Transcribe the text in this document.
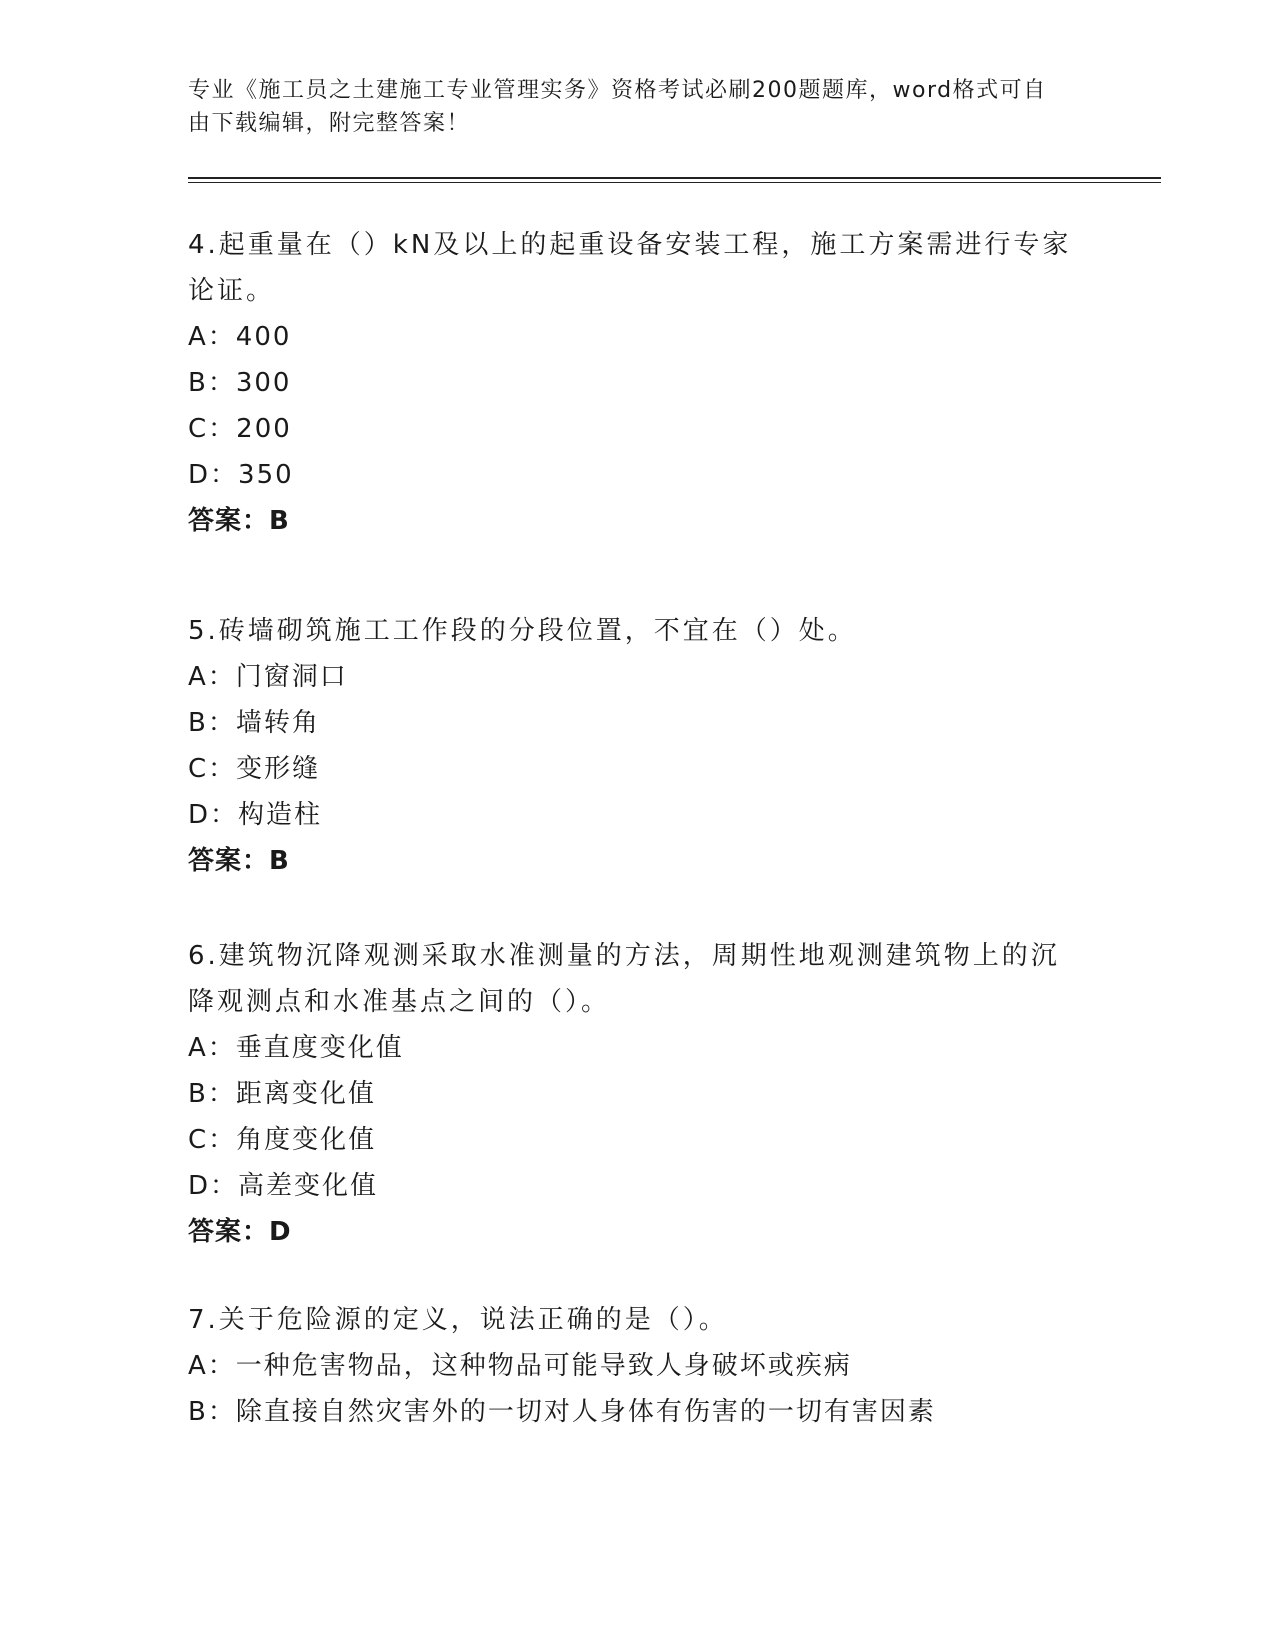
专业《施工员之土建施工专业管理实务》资格考试必刷200题题库，word格式可自由下载编辑，附完整答案！
4.起重量在（）kN及以上的起重设备安装工程，施工方案需进行专家论证。
A：400
B：300
C：200
D：350
答案：B
5.砖墙砌筑施工工作段的分段位置，不宜在（）处。
A：门窗洞口
B：墙转角
C：变形缝
D：构造柱
答案：B
6.建筑物沉降观测采取水准测量的方法，周期性地观测建筑物上的沉降观测点和水准基点之间的（）。
A：垂直度变化值
B：距离变化值
C：角度变化值
D：高差变化值
答案：D
7.关于危险源的定义，说法正确的是（）。
A：一种危害物品，这种物品可能导致人身破坏或疾病
B：除直接自然灾害外的一切对人身体有伤害的一切有害因素
